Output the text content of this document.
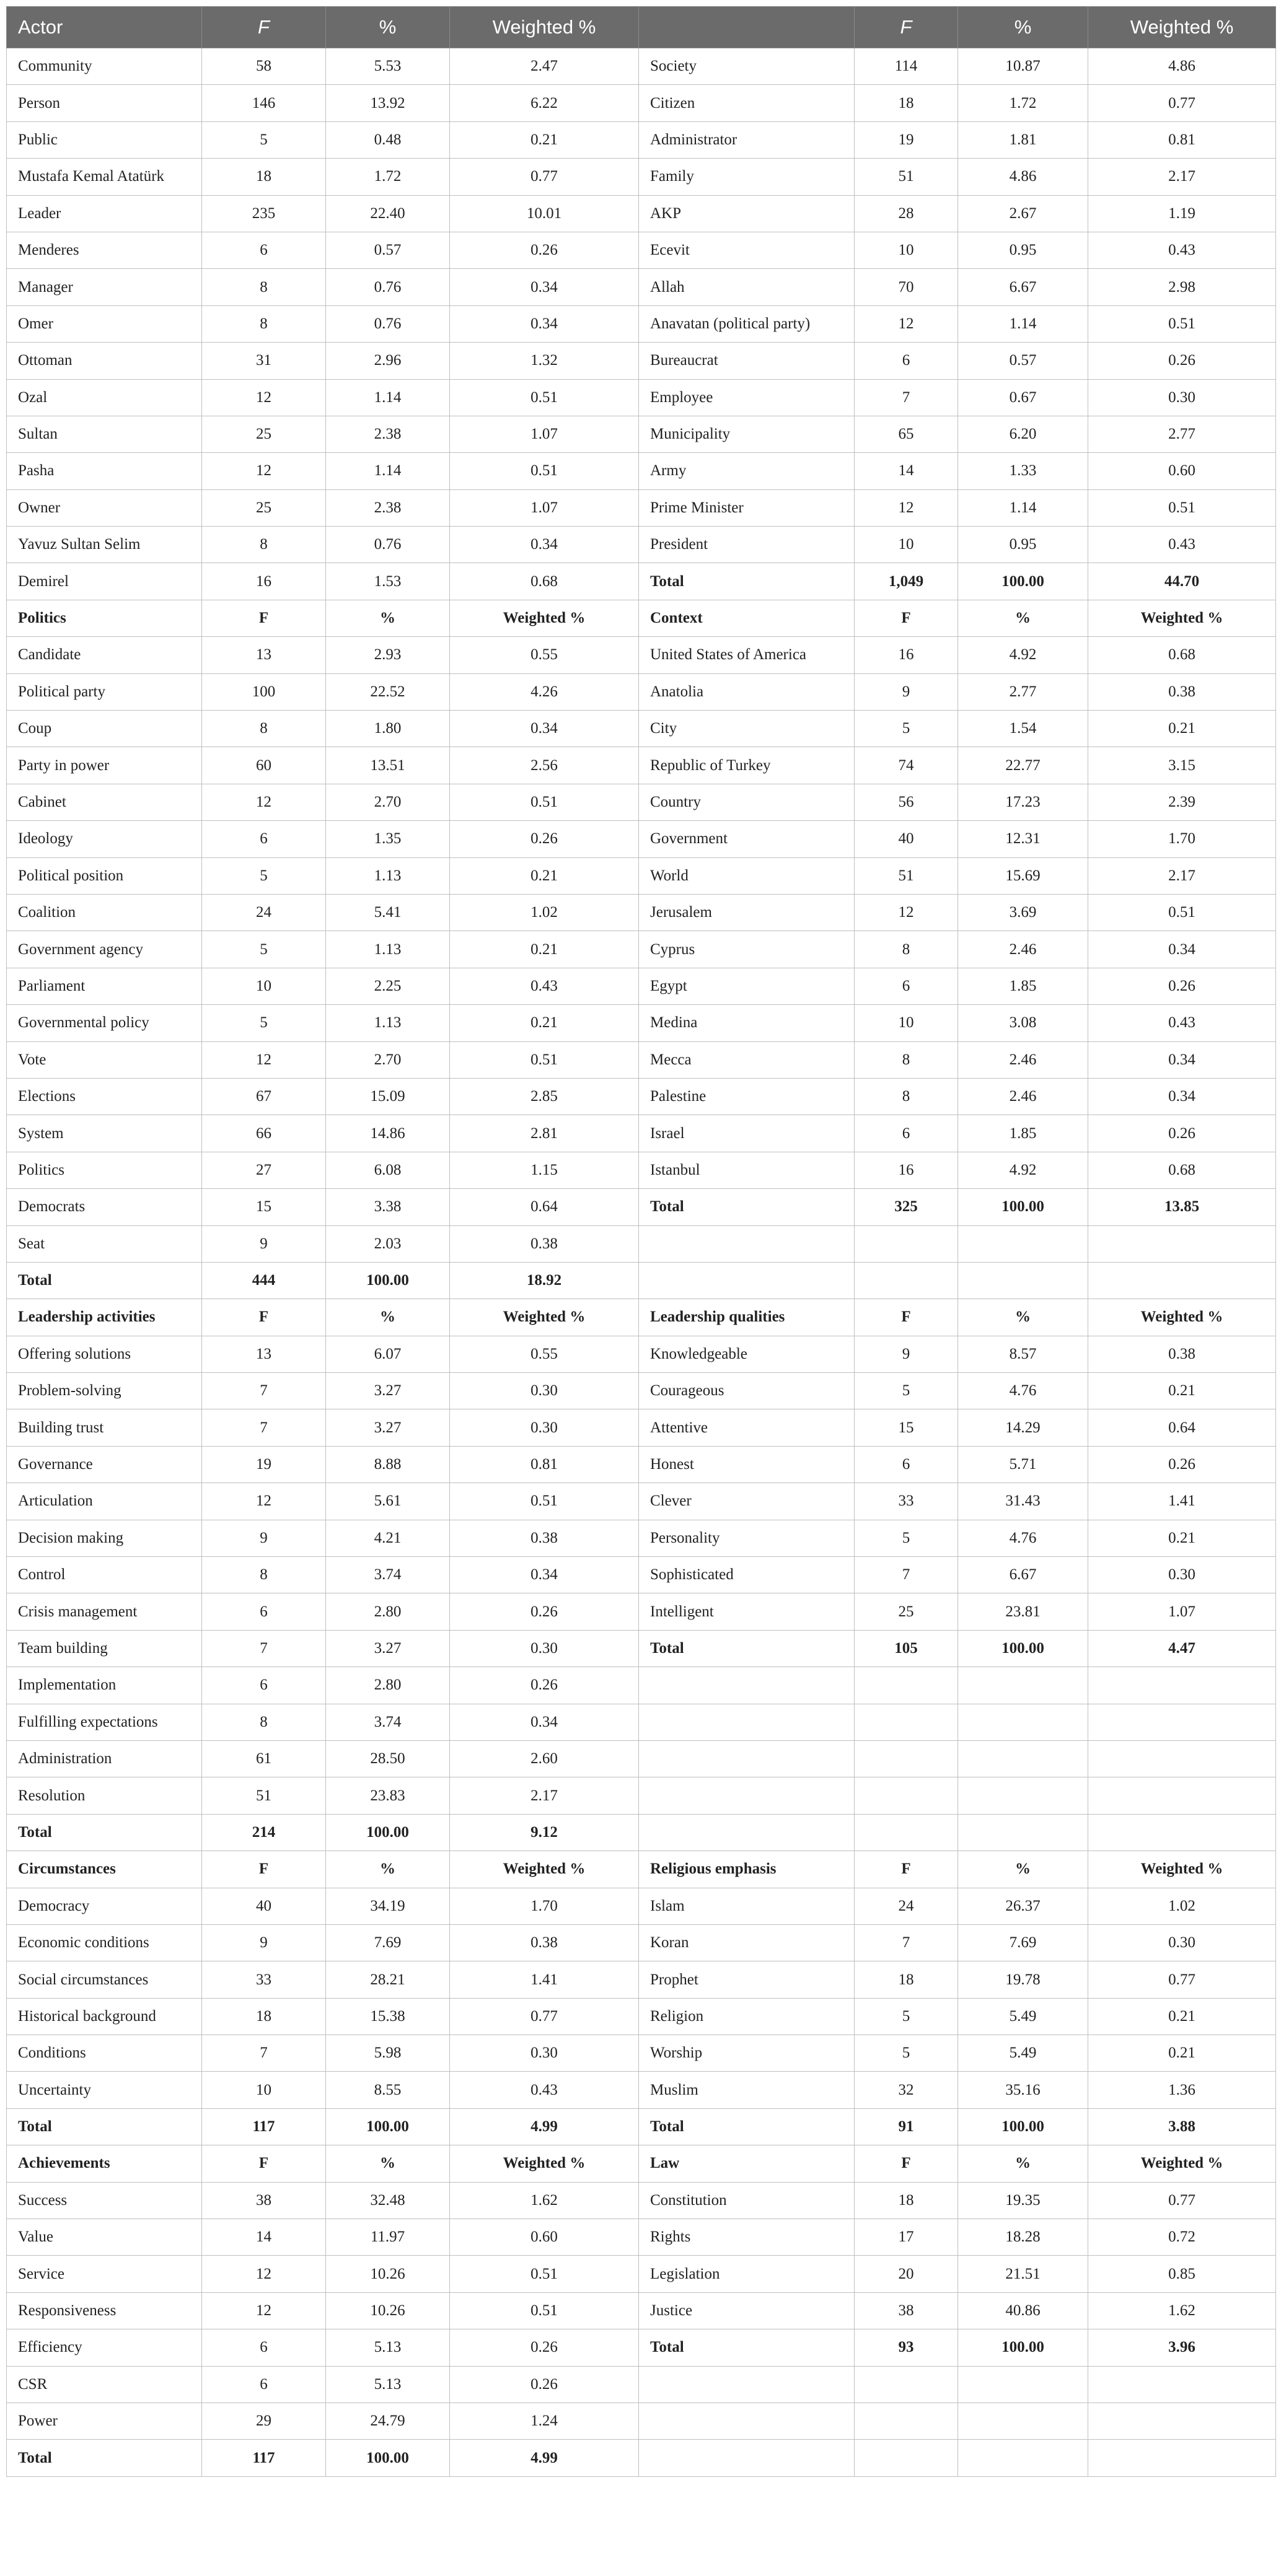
Actor	F	%	Weighted %		F	%	Weighted %
Community	58	5.53	2.47	Society	114	10.87	4.86
Person	146	13.92	6.22	Citizen	18	1.72	0.77
Public	5	0.48	0.21	Administrator	19	1.81	0.81
Mustafa Kemal Atatürk	18	1.72	0.77	Family	51	4.86	2.17
Leader	235	22.40	10.01	AKP	28	2.67	1.19
Menderes	6	0.57	0.26	Ecevit	10	0.95	0.43
Manager	8	0.76	0.34	Allah	70	6.67	2.98
Omer	8	0.76	0.34	Anavatan (political party)	12	1.14	0.51
Ottoman	31	2.96	1.32	Bureaucrat	6	0.57	0.26
Ozal	12	1.14	0.51	Employee	7	0.67	0.30
Sultan	25	2.38	1.07	Municipality	65	6.20	2.77
Pasha	12	1.14	0.51	Army	14	1.33	0.60
Owner	25	2.38	1.07	Prime Minister	12	1.14	0.51
Yavuz Sultan Selim	8	0.76	0.34	President	10	0.95	0.43
Demirel	16	1.53	0.68	Total	1,049	100.00	44.70
Politics	F	%	Weighted %	Context	F	%	Weighted %
Candidate	13	2.93	0.55	United States of America	16	4.92	0.68
Political party	100	22.52	4.26	Anatolia	9	2.77	0.38
Coup	8	1.80	0.34	City	5	1.54	0.21
Party in power	60	13.51	2.56	Republic of Turkey	74	22.77	3.15
Cabinet	12	2.70	0.51	Country	56	17.23	2.39
Ideology	6	1.35	0.26	Government	40	12.31	1.70
Political position	5	1.13	0.21	World	51	15.69	2.17
Coalition	24	5.41	1.02	Jerusalem	12	3.69	0.51
Government agency	5	1.13	0.21	Cyprus	8	2.46	0.34
Parliament	10	2.25	0.43	Egypt	6	1.85	0.26
Governmental policy	5	1.13	0.21	Medina	10	3.08	0.43
Vote	12	2.70	0.51	Mecca	8	2.46	0.34
Elections	67	15.09	2.85	Palestine	8	2.46	0.34
System	66	14.86	2.81	Israel	6	1.85	0.26
Politics	27	6.08	1.15	Istanbul	16	4.92	0.68
Democrats	15	3.38	0.64	Total	325	100.00	13.85
Seat	9	2.03	0.38				
Total	444	100.00	18.92				
Leadership activities	F	%	Weighted %	Leadership qualities	F	%	Weighted %
Offering solutions	13	6.07	0.55	Knowledgeable	9	8.57	0.38
Problem-solving	7	3.27	0.30	Courageous	5	4.76	0.21
Building trust	7	3.27	0.30	Attentive	15	14.29	0.64
Governance	19	8.88	0.81	Honest	6	5.71	0.26
Articulation	12	5.61	0.51	Clever	33	31.43	1.41
Decision making	9	4.21	0.38	Personality	5	4.76	0.21
Control	8	3.74	0.34	Sophisticated	7	6.67	0.30
Crisis management	6	2.80	0.26	Intelligent	25	23.81	1.07
Team building	7	3.27	0.30	Total	105	100.00	4.47
Implementation	6	2.80	0.26				
Fulfilling expectations	8	3.74	0.34				
Administration	61	28.50	2.60				
Resolution	51	23.83	2.17				
Total	214	100.00	9.12				
Circumstances	F	%	Weighted %	Religious emphasis	F	%	Weighted %
Democracy	40	34.19	1.70	Islam	24	26.37	1.02
Economic conditions	9	7.69	0.38	Koran	7	7.69	0.30
Social circumstances	33	28.21	1.41	Prophet	18	19.78	0.77
Historical background	18	15.38	0.77	Religion	5	5.49	0.21
Conditions	7	5.98	0.30	Worship	5	5.49	0.21
Uncertainty	10	8.55	0.43	Muslim	32	35.16	1.36
Total	117	100.00	4.99	Total	91	100.00	3.88
Achievements	F	%	Weighted %	Law	F	%	Weighted %
Success	38	32.48	1.62	Constitution	18	19.35	0.77
Value	14	11.97	0.60	Rights	17	18.28	0.72
Service	12	10.26	0.51	Legislation	20	21.51	0.85
Responsiveness	12	10.26	0.51	Justice	38	40.86	1.62
Efficiency	6	5.13	0.26	Total	93	100.00	3.96
CSR	6	5.13	0.26				
Power	29	24.79	1.24				
Total	117	100.00	4.99				
